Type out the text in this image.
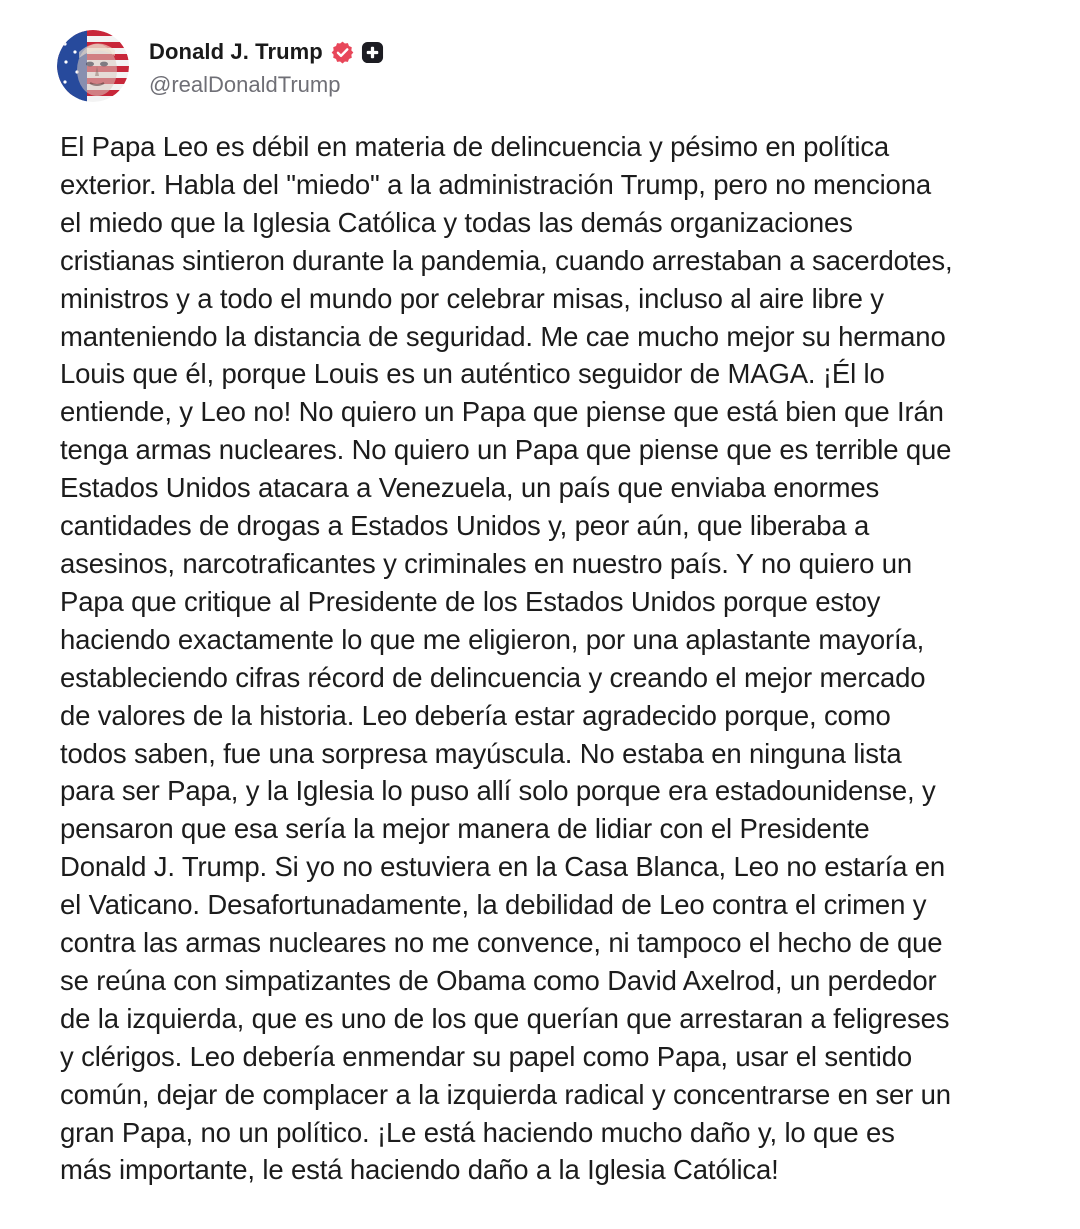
Donald J. Trump
@realDonaldTrump

El Papa Leo es débil en materia de delincuencia y pésimo en política
exterior. Habla del "miedo" a la administración Trump, pero no menciona
el miedo que la Iglesia Católica y todas las demás organizaciones
cristianas sintieron durante la pandemia, cuando arrestaban a sacerdotes,
ministros y a todo el mundo por celebrar misas, incluso al aire libre y
manteniendo la distancia de seguridad. Me cae mucho mejor su hermano
Louis que él, porque Louis es un auténtico seguidor de MAGA. ¡Él lo
entiende, y Leo no! No quiero un Papa que piense que está bien que Irán
tenga armas nucleares. No quiero un Papa que piense que es terrible que
Estados Unidos atacara a Venezuela, un país que enviaba enormes
cantidades de drogas a Estados Unidos y, peor aún, que liberaba a
asesinos, narcotraficantes y criminales en nuestro país. Y no quiero un
Papa que critique al Presidente de los Estados Unidos porque estoy
haciendo exactamente lo que me eligieron, por una aplastante mayoría,
estableciendo cifras récord de delincuencia y creando el mejor mercado
de valores de la historia. Leo debería estar agradecido porque, como
todos saben, fue una sorpresa mayúscula. No estaba en ninguna lista
para ser Papa, y la Iglesia lo puso allí solo porque era estadounidense, y
pensaron que esa sería la mejor manera de lidiar con el Presidente
Donald J. Trump. Si yo no estuviera en la Casa Blanca, Leo no estaría en
el Vaticano. Desafortunadamente, la debilidad de Leo contra el crimen y
contra las armas nucleares no me convence, ni tampoco el hecho de que
se reúna con simpatizantes de Obama como David Axelrod, un perdedor
de la izquierda, que es uno de los que querían que arrestaran a feligreses
y clérigos. Leo debería enmendar su papel como Papa, usar el sentido
común, dejar de complacer a la izquierda radical y concentrarse en ser un
gran Papa, no un político. ¡Le está haciendo mucho daño y, lo que es
más importante, le está haciendo daño a la Iglesia Católica!
